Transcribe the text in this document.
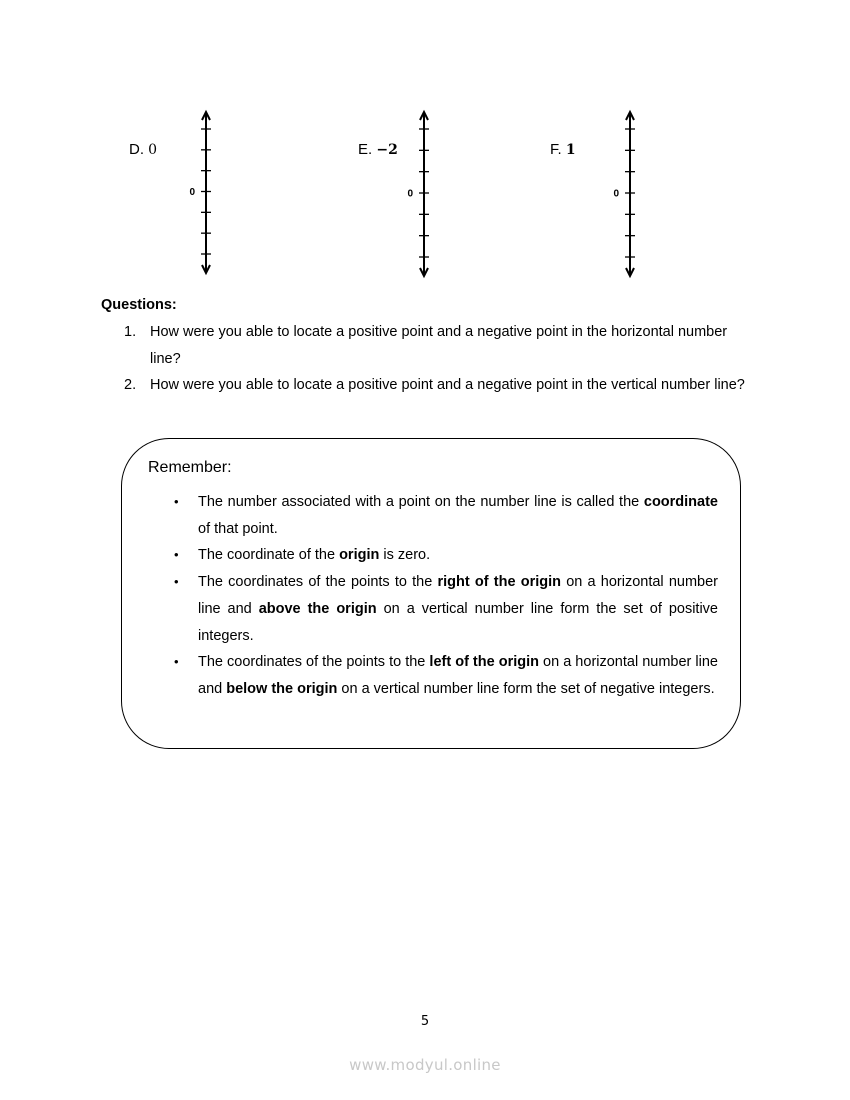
D. 0
0
E. −2
0
F. 1
0
Questions:
1. How were you able to locate a positive point and a negative point in the horizontal number line?
2. How were you able to locate a positive point and a negative point in the vertical number line?
Remember:
• The number associated with a point on the number line is called the coordinate of that point.
• The coordinate of the origin is zero.
• The coordinates of the points to the right of the origin on a horizontal number line and above the origin on a vertical number line form the set of positive integers.
• The coordinates of the points to the left of the origin on a horizontal number line and below the origin on a vertical number line form the set of negative integers.
5
www.modyul.online
